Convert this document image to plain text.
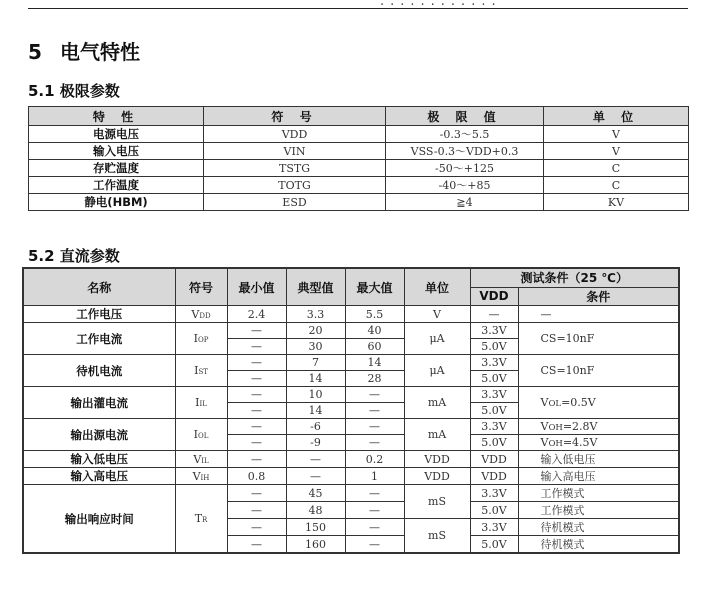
............
5 电气特性
5.1 极限参数
特 性	符 号	极 限 值	单 位
电源电压	VDD	-0.3～5.5	V
输入电压	VIN	VSS-0.3～VDD+0.3	V
存贮温度	TSTG	-50～+125	C
工作温度	TOTG	-40～+85	C
静电(HBM)	ESD	≧4	KV
5.2 直流参数
名称	符号	最小值	典型值	最大值	单位	测试条件（25 ℃）	
						VDD	条件
工作电压	VDD	2.4	3.3	5.5	V	—	—
工作电流	IOP	—	20	40	μA	3.3V	CS=10nF
		—	30	60		5.0V	
待机电流	IST	—	7	14	μA	3.3V	CS=10nF
		—	14	28		5.0V	
输出灌电流	IIL	—	10	—	mA	3.3V	VOL=0.5V
		—	14	—		5.0V	
输出源电流	IOL	—	-6	—	mA	3.3V	VOH=2.8V
		—	-9	—		5.0V	VOH=4.5V
输入低电压	VIL	—	—	0.2	VDD	VDD	输入低电压
输入高电压	VIH	0.8	—	1	VDD	VDD	输入高电压
输出响应时间	TR	—	45	—	mS	3.3V	工作模式
		—	48	—		5.0V	工作模式
		—	150	—	mS	3.3V	待机模式
		—	160	—		5.0V	待机模式
